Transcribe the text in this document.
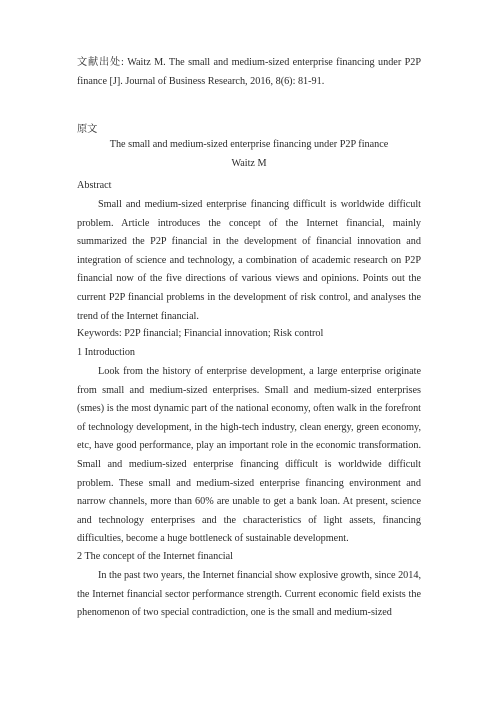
文献出处: Waitz M. The small and medium-sized enterprise financing under P2P finance [J]. Journal of Business Research, 2016, 8(6): 81-91.

原文

The small and medium-sized enterprise financing under P2P finance

Waitz M

Abstract

Small and medium-sized enterprise financing difficult is worldwide difficult problem. Article introduces the concept of the Internet financial, mainly summarized the P2P financial in the development of financial innovation and integration of science and technology, a combination of academic research on P2P financial now of the five directions of various views and opinions. Points out the current P2P financial problems in the development of risk control, and analyses the trend of the Internet financial.

Keywords: P2P financial; Financial innovation; Risk control

1 Introduction

Look from the history of enterprise development, a large enterprise originate from small and medium-sized enterprises. Small and medium-sized enterprises (smes) is the most dynamic part of the national economy, often walk in the forefront of technology development, in the high-tech industry, clean energy, green economy, etc, have good performance, play an important role in the economic transformation. Small and medium-sized enterprise financing difficult is worldwide difficult problem. These small and medium-sized enterprise financing environment and narrow channels, more than 60% are unable to get a bank loan. At present, science and technology enterprises and the characteristics of light assets, financing difficulties, become a huge bottleneck of sustainable development.

2 The concept of the Internet financial

In the past two years, the Internet financial show explosive growth, since 2014, the Internet financial sector performance strength. Current economic field exists the phenomenon of two special contradiction, one is the small and medium-sized
